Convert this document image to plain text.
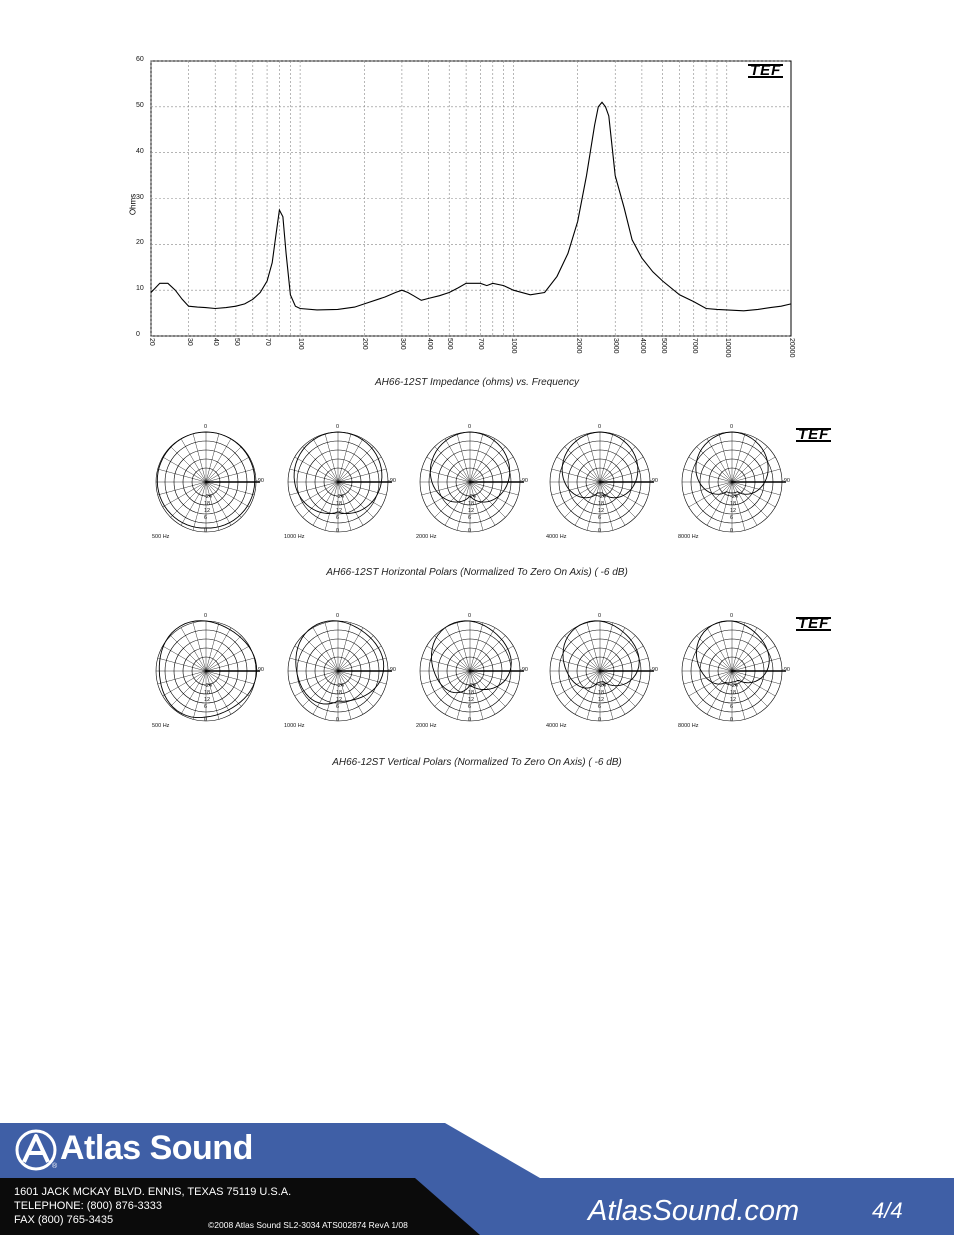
Ohms
0
10
20
30
40
50
60
20	30	40 50	70	100	200	300	400 500	700	1000	2000	3000	4000 5000	7000	10000	20000
TEF
AH66-12ST Impedance (ohms) vs. Frequency
0
-90
0
-24
18
12
6
500 Hz
0
-90
0
-24
18
12
6
1000 Hz
0
-90
0
-24
18
12
6
2000 Hz
0
-90
0
-24
18
12
6
4000 Hz
0
-90
0
-24
18
12
6
8000 Hz
TEF
AH66-12ST Horizontal Polars (Normalized To Zero On Axis) ( -6 dB)
0
-90
0
-24
18
12
6
500 Hz
0
-90
0
-24
18
12
6
1000 Hz
0
-90
0
-24
18
12
6
2000 Hz
0
-90
0
-24
18
12
6
4000 Hz
0
-90
0
-24
18
12
6
8000 Hz
TEF
AH66-12ST Vertical Polars (Normalized To Zero On Axis) ( -6 dB)
Atlas Sound
®
1601 JACK MCKAY BLVD. ENNIS, TEXAS 75119 U.S.A.
TELEPHONE: (800) 876-3333
FAX (800) 765-3435	©2008 Atlas Sound SL2-3034 ATS002874 RevA 1/08	AtlasSound.com	4/4
